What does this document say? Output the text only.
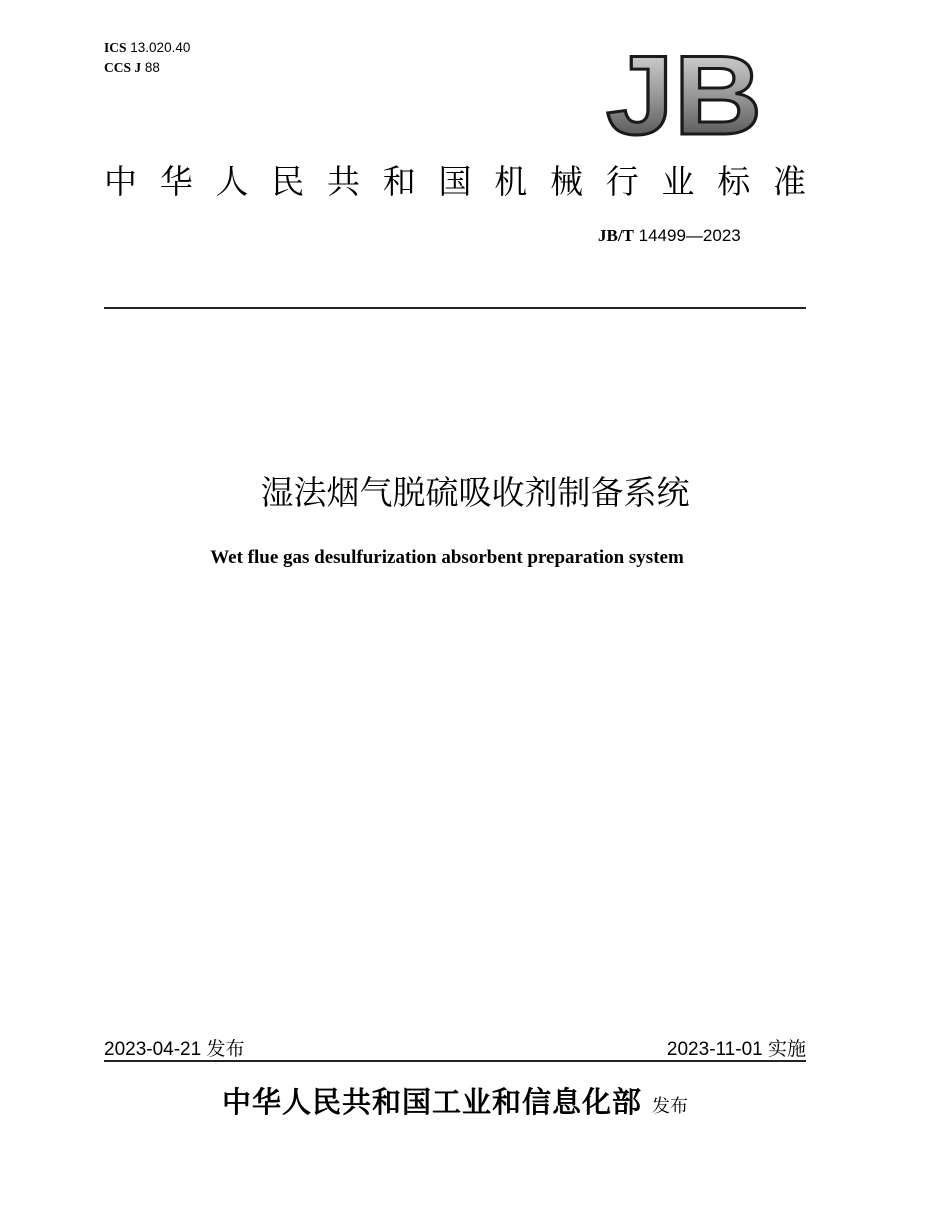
ICS 13.020.40
CCS J 88	JB
中 华 人 民 共 和 国 机 械 行 业 标 准
JB/T 14499—2023
湿法烟气脱硫吸收剂制备系统
Wet flue gas desulfurization absorbent preparation system
2023-04-21 发布	2023-11-01 实施
中华人民共和国工业和信息化部 发布
